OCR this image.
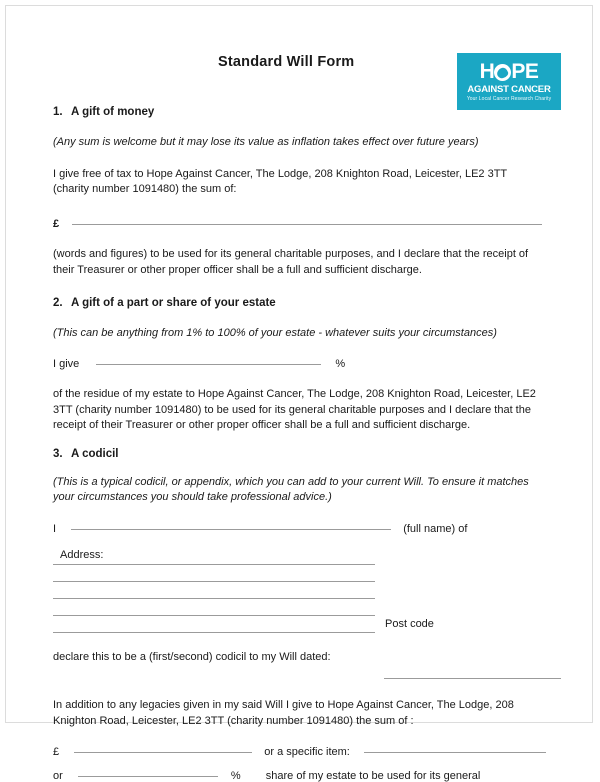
Standard Will Form	H PE
AGAINST CANCER
Your Local Cancer Research Charity

1. A gift of money

(Any sum is welcome but it may lose its value as inflation takes effect over future years)

I give free of tax to Hope Against Cancer, The Lodge, 208 Knighton Road, Leicester, LE2 3TT (charity number 1091480) the sum of:

£

(words and figures) to be used for its general charitable purposes, and I declare that the receipt of their Treasurer or other proper officer shall be a full and sufficient discharge.

2. A gift of a part or share of your estate

(This can be anything from 1% to 100% of your estate - whatever suits your circumstances)

I give	%

of the residue of my estate to Hope Against Cancer, The Lodge, 208 Knighton Road, Leicester, LE2 3TT (charity number 1091480) to be used for its general charitable purposes and I declare that the receipt of their Treasurer or other proper officer shall be a full and sufficient discharge.

3. A codicil

(This is a typical codicil, or appendix, which you can add to your current Will. To ensure it matches your circumstances you should take professional advice.)

I	(full name) of
Address:
Post code

declare this to be a (first/second) codicil to my Will dated:

In addition to any legacies given in my said Will I give to Hope Against Cancer, The Lodge, 208 Knighton Road, Leicester, LE2 3TT (charity number 1091480) the sum of :

£	or a specific item:
or	% share of my estate to be used for its general
